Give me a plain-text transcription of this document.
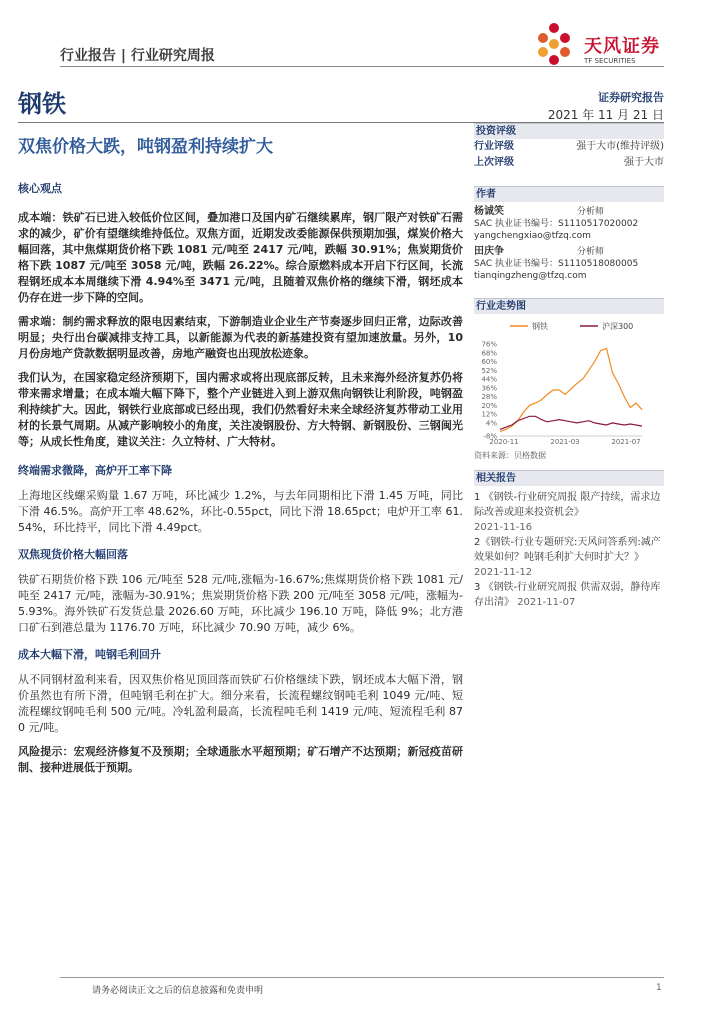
行业报告 | 行业研究周报	天风证券
TF SECURITIES
钢铁	证券研究报告
2021 年 11 月 21 日
双焦价格大跌，吨钢盈利持续扩大

核心观点

成本端：铁矿石已进入较低价位区间，叠加港口及国内矿石继续累库，钢厂限产对铁矿石需求的减少，矿价有望继续维持低位。双焦方面，近期发改委能源保供预期加强，煤炭价格大幅回落，其中焦煤期货价格下跌 1081 元/吨至 2417 元/吨，跌幅 30.91%；焦炭期货价格下跌 1087 元/吨至 3058 元/吨，跌幅 26.22%。综合原燃料成本开启下行区间，长流程钢坯成本本周继续下滑 4.94%至 3471 元/吨，且随着双焦价格的继续下滑，钢坯成本仍存在进一步下降的空间。

需求端：制约需求释放的限电因素结束，下游制造业企业生产节奏逐步回归正常，边际改善明显；央行出台碳减排支持工具，以新能源为代表的新基建投资有望加速放量。另外，10 月份房地产贷款数据明显改善，房地产融资也出现放松迹象。

我们认为，在国家稳定经济预期下，国内需求或将出现底部反转，且未来海外经济复苏仍将带来需求增量；在成本端大幅下降下，整个产业链进入到上游双焦向钢铁让利阶段，吨钢盈利持续扩大。因此，钢铁行业底部或已经出现，我们仍然看好未来全球经济复苏带动工业用材的长景气周期。从减产影响较小的角度，关注凌钢股份、方大特钢、新钢股份、三钢闽光等；从成长性角度，建议关注：久立特材、广大特材。

终端需求微降，高炉开工率下降

上海地区线螺采购量 1.67 万吨，环比减少 1.2%，与去年同期相比下滑 1.45 万吨，同比下滑 46.5%。高炉开工率 48.62%，环比-0.55pct，同比下滑 18.65pct；电炉开工率 61.54%，环比持平，同比下滑 4.49pct。

双焦现货价格大幅回落

铁矿石期货价格下跌 106 元/吨至 528 元/吨,涨幅为-16.67%;焦煤期货价格下跌 1081 元/吨至 2417 元/吨，涨幅为-30.91%；焦炭期货价格下跌 200 元/吨至 3058 元/吨，涨幅为-5.93%。海外铁矿石发货总量 2026.60 万吨，环比减少 196.10 万吨，降低 9%；北方港口矿石到港总量为 1176.70 万吨，环比减少 70.90 万吨，减少 6%。

成本大幅下滑，吨钢毛利回升

从不同钢材盈利来看，因双焦价格见顶回落而铁矿石价格继续下跌，钢坯成本大幅下滑，钢价虽然也有所下滑，但吨钢毛利在扩大。细分来看，长流程螺纹钢吨毛利 1049 元/吨、短流程螺纹钢吨毛利 500 元/吨。冷轧盈利最高，长流程吨毛利 1419 元/吨、短流程毛利 870 元/吨。

风险提示：宏观经济修复不及预期；全球通胀水平超预期；矿石增产不达预期；新冠疫苗研制、接种进展低于预期。

投资评级
行业评级	强于大市(维持评级)
上次评级	强于大市
作者
杨诚笑	分析师
SAC 执业证书编号：S1110517020002
yangchengxiao@tfzq.com
田庆争	分析师
SAC 执业证书编号：S1110518080005
tianqingzheng@tfzq.com
行业走势图
钢铁	沪深300
-8%
4%
12%
20%
28%
36%
44%
52%
60%
68%
76%
2020-11	2021-03	2021-07
资料来源：贝格数据
相关报告
1 《钢铁-行业研究周报 限产持续，需求边际改善或迎来投资机会》
2021-11-16
2《钢铁-行业专题研究:天风问答系列:减产效果如何？吨钢毛利扩大何时扩大？》 2021-11-12
3 《钢铁-行业研究周报 供需双弱，静待库存出清》 2021-11-07
请务必阅读正文之后的信息披露和免责申明	1
